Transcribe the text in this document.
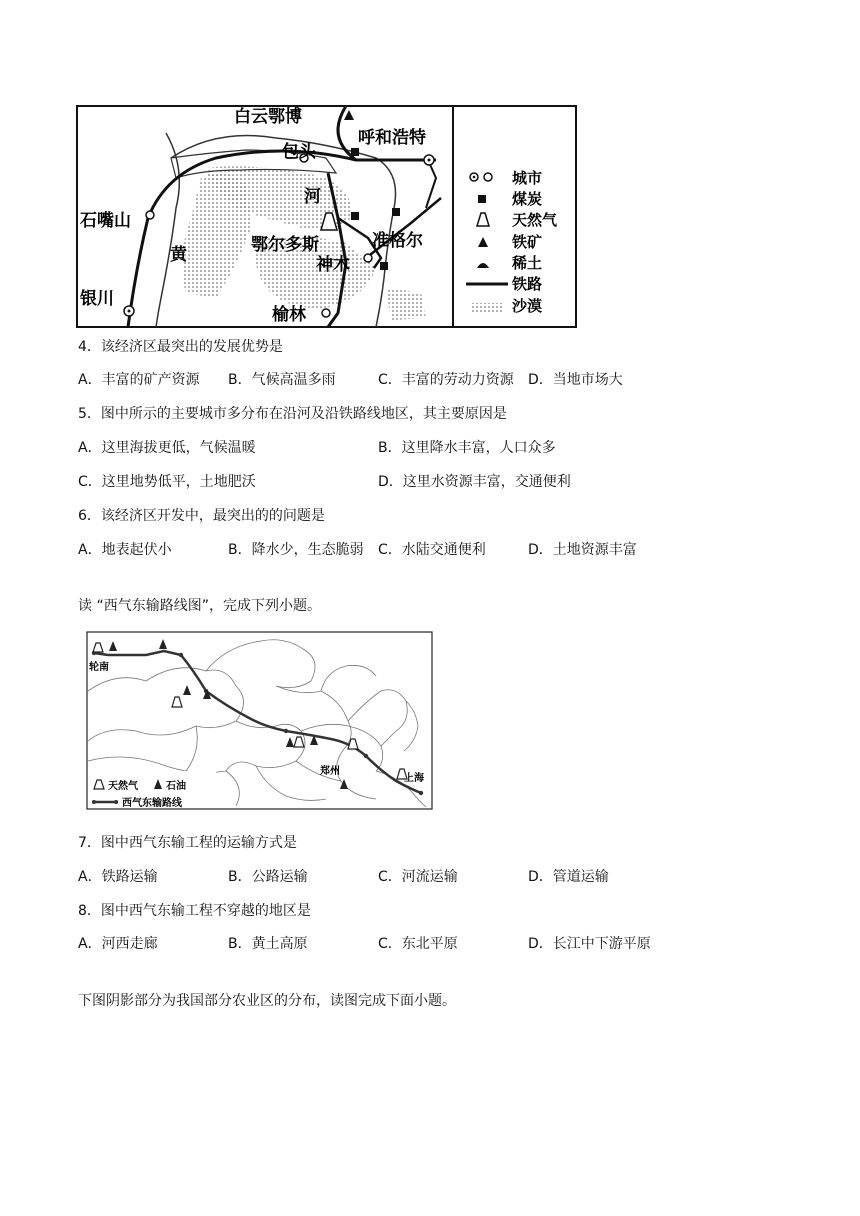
白云鄂博
包头
呼和浩特
河
石嘴山
黄	鄂尔多斯	准格尔
神木
银川
榆林
城市
煤炭
天然气
铁矿
稀土
铁路
沙漠
4．该经济区最突出的发展优势是
A．丰富的矿产资源 B．气候高温多雨	C．丰富的劳动力资源 D．当地市场大
5．图中所示的主要城市多分布在沿河及沿铁路线地区，其主要原因是
A．这里海拔更低，气候温暖	B．这里降水丰富，人口众多
C．这里地势低平，土地肥沃	D．这里水资源丰富，交通便利
6．该经济区开发中，最突出的的问题是
A．地表起伏小	B．降水少，生态脆弱 C．水陆交通便利	D．土地资源丰富
读 “西气东输路线图”，完成下列小题。
轮南
郑州
上海
天然气	石油
西气东输路线
7．图中西气东输工程的运输方式是
A．铁路运输	B．公路运输	C．河流运输	D．管道运输
8．图中西气东输工程不穿越的地区是
A．河西走廊	B．黄土高原	C．东北平原	D．长江中下游平原
下图阴影部分为我国部分农业区的分布，读图完成下面小题。
